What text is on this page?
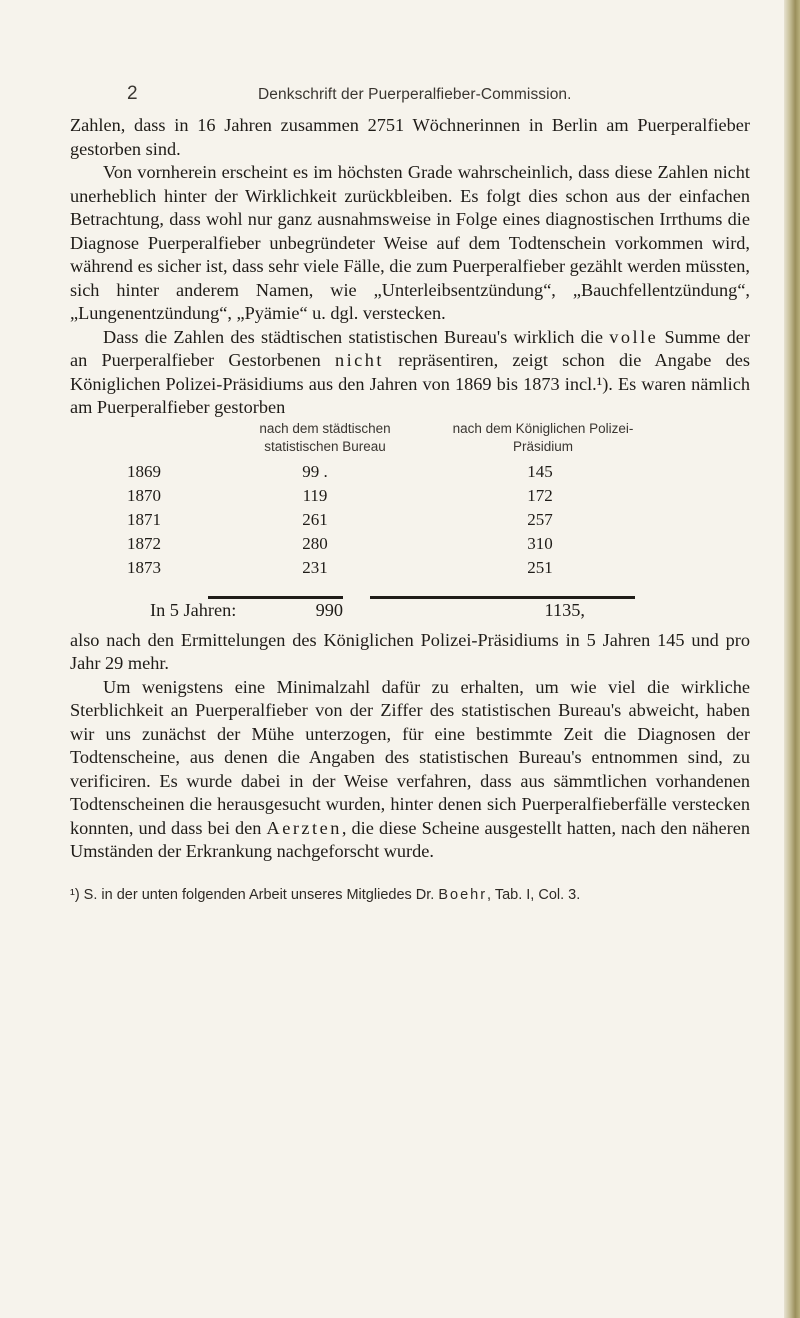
2	Denkschrift der Puerperalfieber-Commission.

Zahlen, dass in 16 Jahren zusammen 2751 Wöchnerinnen in Berlin am Puerperalfieber gestorben sind.

Von vornherein erscheint es im höchsten Grade wahrscheinlich, dass diese Zahlen nicht unerheblich hinter der Wirklichkeit zurückbleiben. Es folgt dies schon aus der einfachen Betrachtung, dass wohl nur ganz ausnahmsweise in Folge eines diagnostischen Irrthums die Diagnose Puerperalfieber unbegründeter Weise auf dem Todtenschein vorkommen wird, während es sicher ist, dass sehr viele Fälle, die zum Puerperalfieber gezählt werden müssten, sich hinter anderem Namen, wie „Unterleibsentzündung“, „Bauchfellentzündung“, „Lungenentzündung“, „Pyämie“ u. dgl. verstecken.

Dass die Zahlen des städtischen statistischen Bureau's wirklich die volle Summe der an Puerperalfieber Gestorbenen nicht repräsentiren, zeigt schon die Angabe des Königlichen Polizei-Präsidiums aus den Jahren von 1869 bis 1873 incl.¹). Es waren nämlich am Puerperalfieber gestorben

nach dem städtischen statistischen Bureau
nach dem Königlichen Polizei-Präsidium
1869	99 .	145
1870	119	172
1871	261	257
1872	280	310
1873	231	251
In 5 Jahren:	990	1135,

also nach den Ermittelungen des Königlichen Polizei-Präsidiums in 5 Jahren 145 und pro Jahr 29 mehr.

Um wenigstens eine Minimalzahl dafür zu erhalten, um wie viel die wirkliche Sterblichkeit an Puerperalfieber von der Ziffer des statistischen Bureau's abweicht, haben wir uns zunächst der Mühe unterzogen, für eine bestimmte Zeit die Diagnosen der Todtenscheine, aus denen die Angaben des statistischen Bureau's entnommen sind, zu verificiren. Es wurde dabei in der Weise verfahren, dass aus sämmtlichen vorhandenen Todtenscheinen die herausgesucht wurden, hinter denen sich Puerperalfieberfälle verstecken konnten, und dass bei den Aerzten, die diese Scheine ausgestellt hatten, nach den näheren Umständen der Erkrankung nachgeforscht wurde.

¹) S. in der unten folgenden Arbeit unseres Mitgliedes Dr. Boehr, Tab. I, Col. 3.
